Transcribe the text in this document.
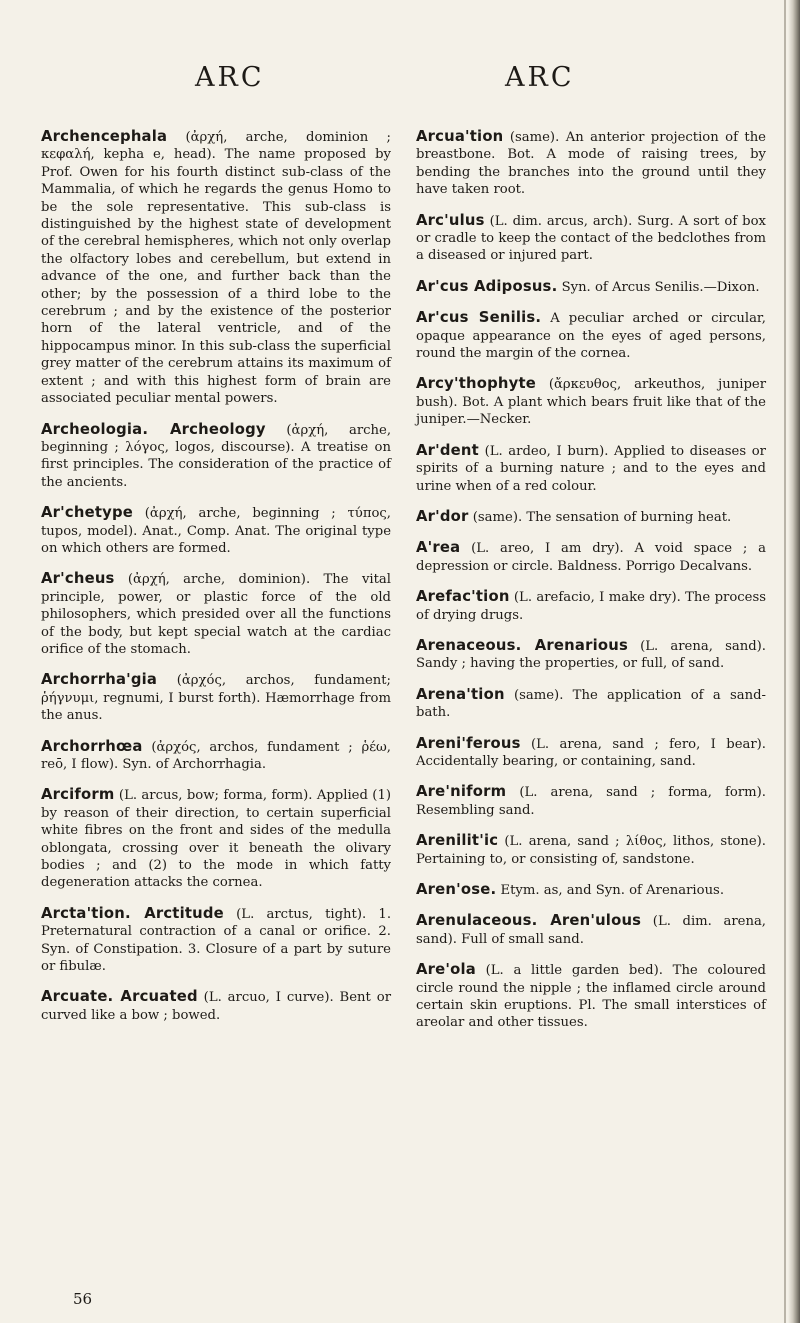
ARC	ARC

Archencephala (ἀρχή, arche, dominion ; κεφαλή, kepha e, head). The name proposed by Prof. Owen for his fourth distinct sub-class of the Mammalia, of which he regards the genus Homo to be the sole representative. This sub-class is distinguished by the highest state of development of the cerebral hemispheres, which not only overlap the olfactory lobes and cerebellum, but extend in advance of the one, and further back than the other; by the possession of a third lobe to the cerebrum ; and by the existence of the posterior horn of the lateral ventricle, and of the hippocampus minor. In this sub-class the superficial grey matter of the cerebrum attains its maximum of extent ; and with this highest form of brain are associated peculiar mental powers.

Archeologia. Archeology (ἀρχή, arche, beginning ; λόγος, logos, discourse). A treatise on first principles. The consideration of the practice of the ancients.

Ar'chetype (ἀρχή, arche, beginning ; τύπος, tupos, model). Anat., Comp. Anat. The original type on which others are formed.

Ar'cheus (ἀρχή, arche, dominion). The vital principle, power, or plastic force of the old philosophers, which presided over all the functions of the body, but kept special watch at the cardiac orifice of the stomach.

Archorrha'gia (ἀρχός, archos, fundament; ῥήγνυμι, regnumi, I burst forth). Hæmorrhage from the anus.

Archorrhœa (ἀρχός, archos, fundament ; ῥέω, reō, I flow). Syn. of Archorrhagia.

Arciform (L. arcus, bow; forma, form). Applied (1) by reason of their direction, to certain superficial white fibres on the front and sides of the medulla oblongata, crossing over it beneath the olivary bodies ; and (2) to the mode in which fatty degeneration attacks the cornea.

Arcta'tion. Arctitude (L. arctus, tight). 1. Preternatural contraction of a canal or orifice. 2. Syn. of Constipation. 3. Closure of a part by suture or fibulæ.

Arcuate. Arcuated (L. arcuo, I curve). Bent or curved like a bow ; bowed.

Arcua'tion (same). An anterior projection of the breastbone. Bot. A mode of raising trees, by bending the branches into the ground until they have taken root.

Arc'ulus (L. dim. arcus, arch). Surg. A sort of box or cradle to keep the contact of the bedclothes from a diseased or injured part.

Ar'cus Adiposus. Syn. of Arcus Senilis.—Dixon.

Ar'cus Senilis. A peculiar arched or circular, opaque appearance on the eyes of aged persons, round the margin of the cornea.

Arcy'thophyte (ἄρκευθος, arkeuthos, juniper bush). Bot. A plant which bears fruit like that of the juniper.—Necker.

Ar'dent (L. ardeo, I burn). Applied to diseases or spirits of a burning nature ; and to the eyes and urine when of a red colour.

Ar'dor (same). The sensation of burning heat.

A'rea (L. areo, I am dry). A void space ; a depression or circle. Baldness. Porrigo Decalvans.

Arefac'tion (L. arefacio, I make dry). The process of drying drugs.

Arenaceous. Arenarious (L. arena, sand). Sandy ; having the properties, or full, of sand.

Arena'tion (same). The application of a sand-bath.

Areni'ferous (L. arena, sand ; fero, I bear). Accidentally bearing, or containing, sand.

Are'niform (L. arena, sand ; forma, form). Resembling sand.

Arenilit'ic (L. arena, sand ; λίθος, lithos, stone). Pertaining to, or consisting of, sandstone.

Aren'ose. Etym. as, and Syn. of Arenarious.

Arenulaceous. Aren'ulous (L. dim. arena, sand). Full of small sand.

Are'ola (L. a little garden bed). The coloured circle round the nipple ; the inflamed circle around certain skin eruptions. Pl. The small interstices of areolar and other tissues.

56
